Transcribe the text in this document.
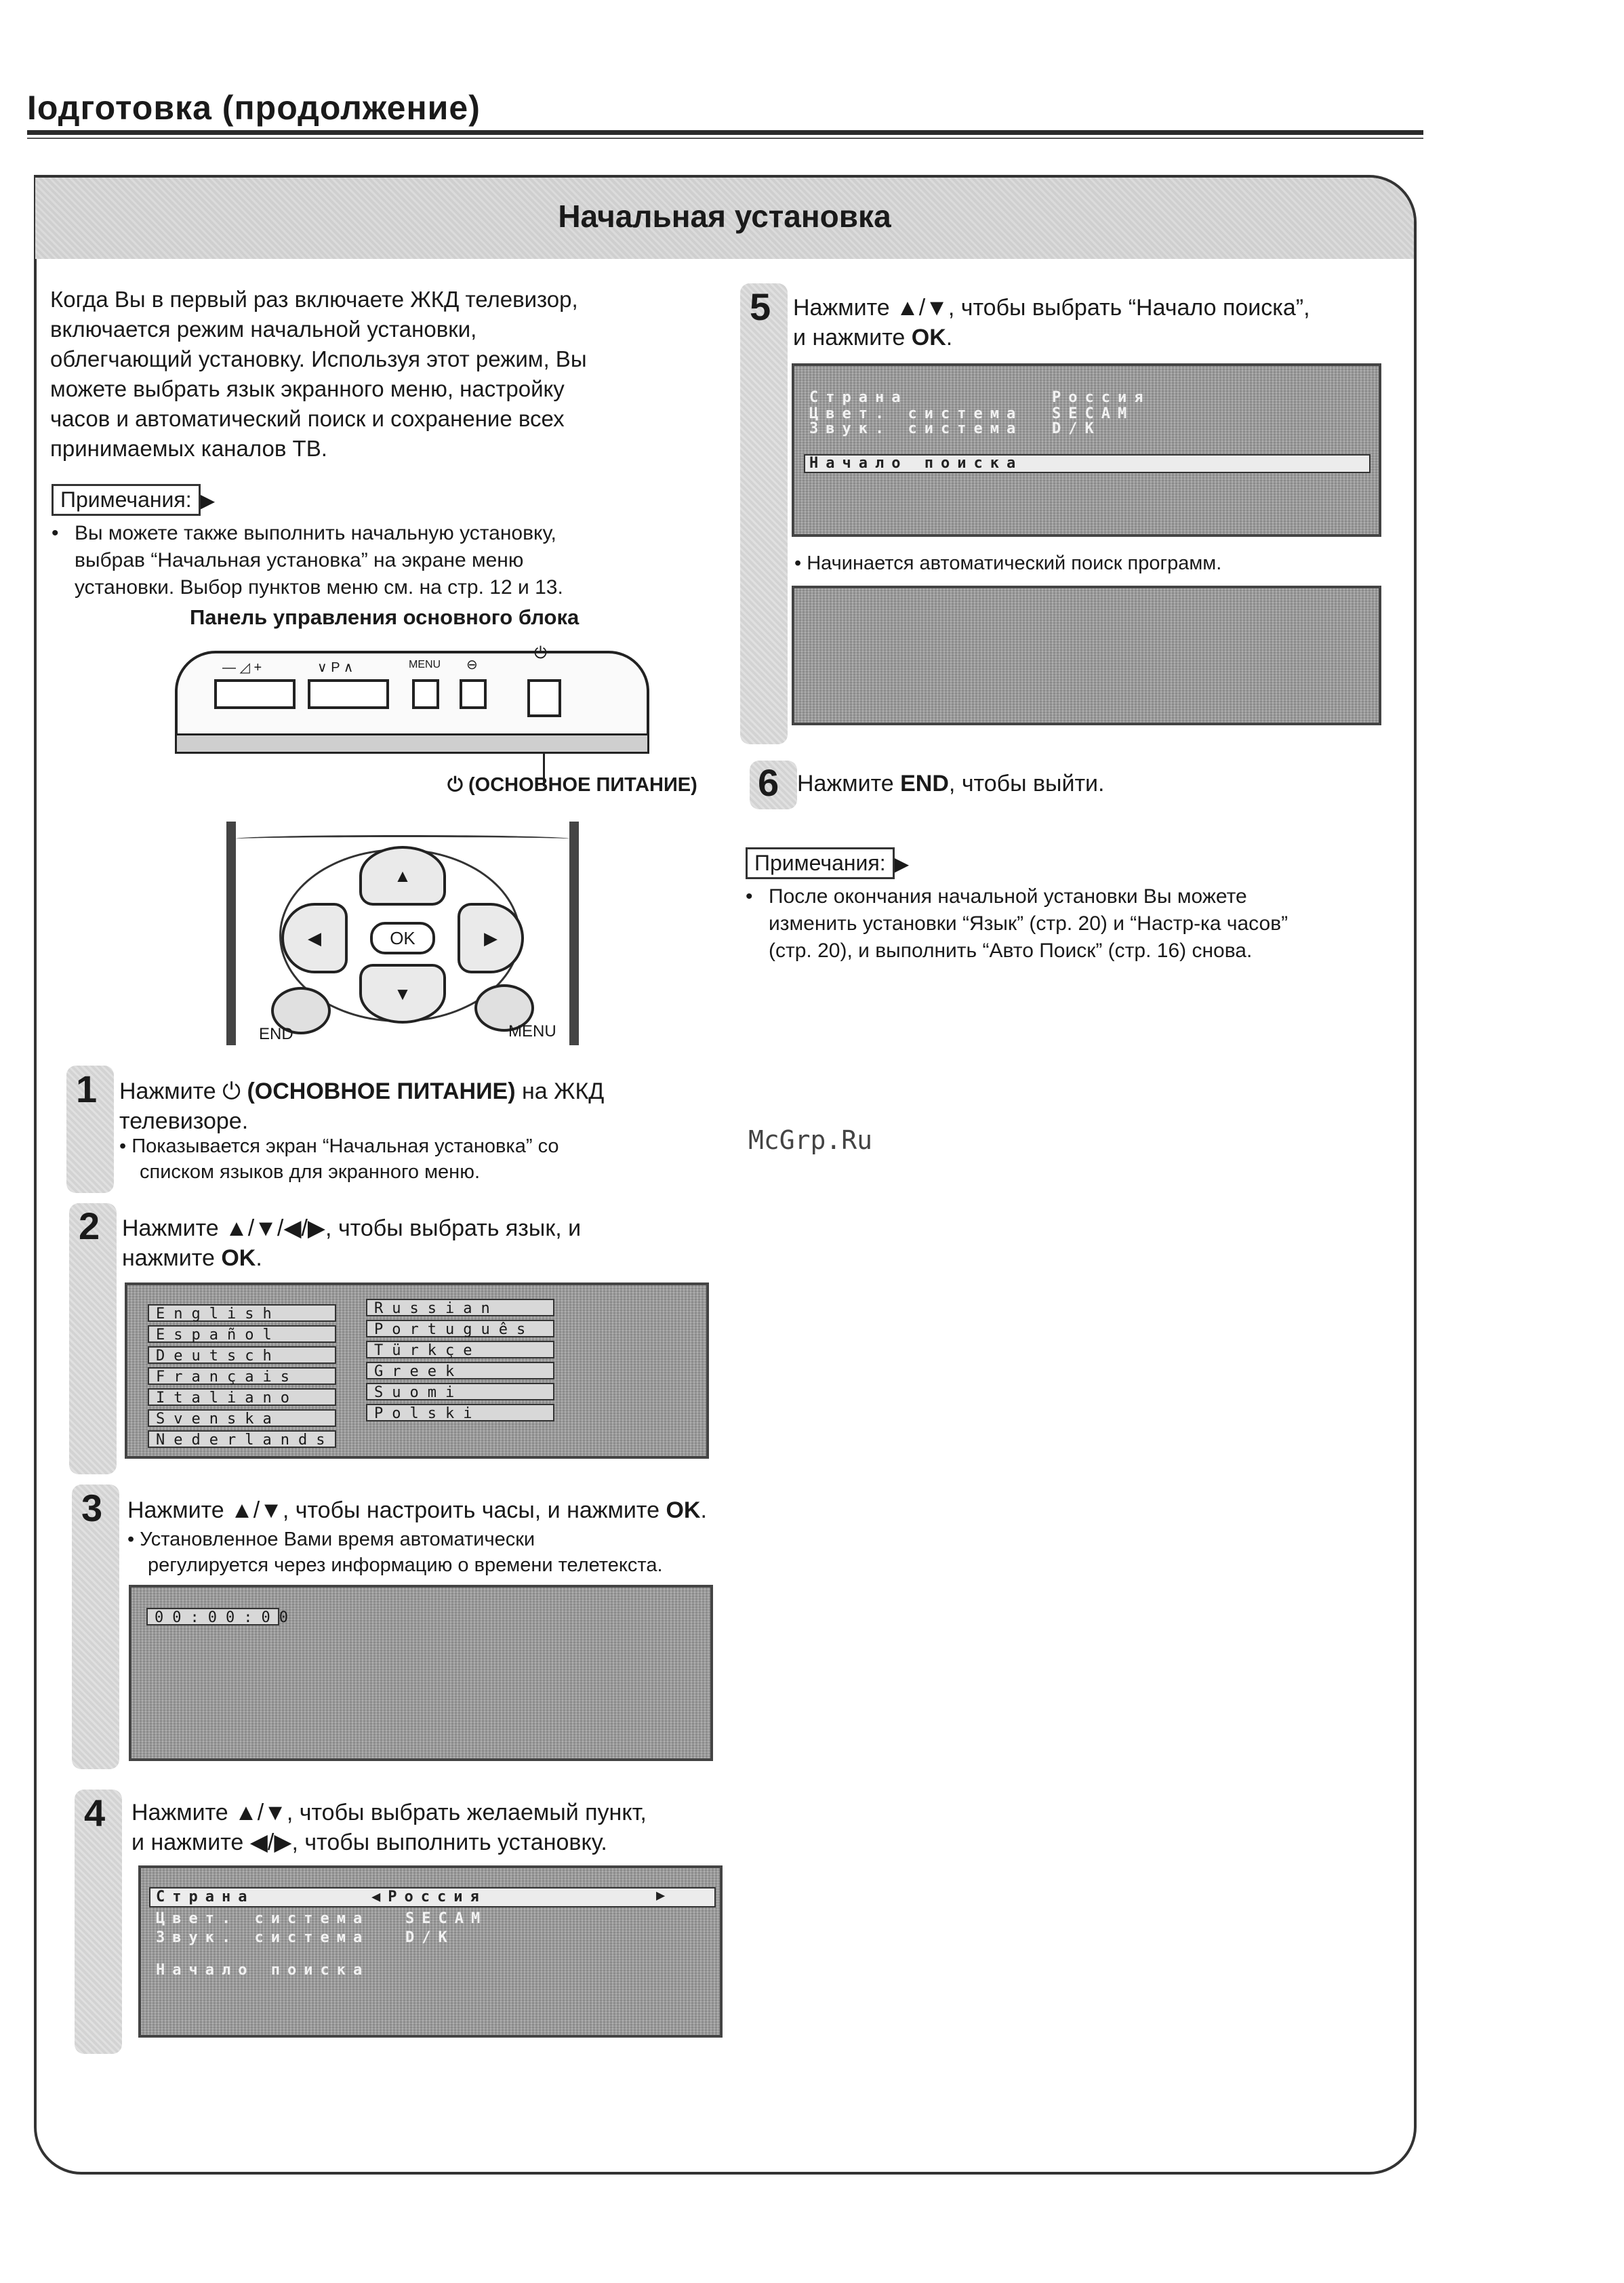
Iодготовка (продолжение)
Начальная установка
Когда Вы в первый раз включаете ЖКД телевизор,
включается режим начальной установки,
облегчающий установку. Используя этот режим, Вы
можете выбрать язык экранного меню, настройку
часов и автоматический поиск и сохранение всех
принимаемых каналов ТВ.
Примечания: ▶
• Вы можете также выполнить начальную установку,
выбрав “Начальная установка” на экране меню
установки. Выбор пунктов меню см. на стр. 12 и 13.
Панель управления основного блока
— ◿ +	∨ P ∧	MENU ⊖
⏻
⏻ (ОСНОВНОЕ ПИТАНИЕ)
▲
▼
◀	▶
OK
END	MENU
1 Нажмите ⏻ (ОСНОВНОЕ ПИТАНИЕ) на ЖКД
телевизоре.
• Показывается экран “Начальная установка” со
списком языков для экранного меню.
2 Нажмите ▲/▼/◀/▶, чтобы выбрать язык, и
нажмите OK.
English
Español
Deutsch
Français
Italiano
Svenska
Nederlands
Russian
Português
Türkçe
Greek
Suomi
Polski
3 Нажмите ▲/▼, чтобы настроить часы, и нажмите OK.
• Установленное Вами время автоматически
регулируется через информацию о времени телетекста.
00:00:00
4 Нажмите ▲/▼, чтобы выбрать желаемый пункт,
и нажмите ◀/▶, чтобы выполнить установку.
Страна	◀Россия	▶
Цвет. система SECAM
Звук. система D/K
Начало поиска
5 Нажмите ▲/▼, чтобы выбрать “Начало поиска”,
и нажмите OK.
Страна	Россия
Цвет. система SECAM
Звук. система D/K
Начало поиска
• Начинается автоматический поиск программ.
6 Нажмите END, чтобы выйти.
Примечания: ▶
• После окончания начальной установки Вы можете
изменить установки “Язык” (стр. 20) и “Настр-ка часов”
(стр. 20), и выполнить “Авто Поиск” (стр. 16) снова.
McGrp.Ru
